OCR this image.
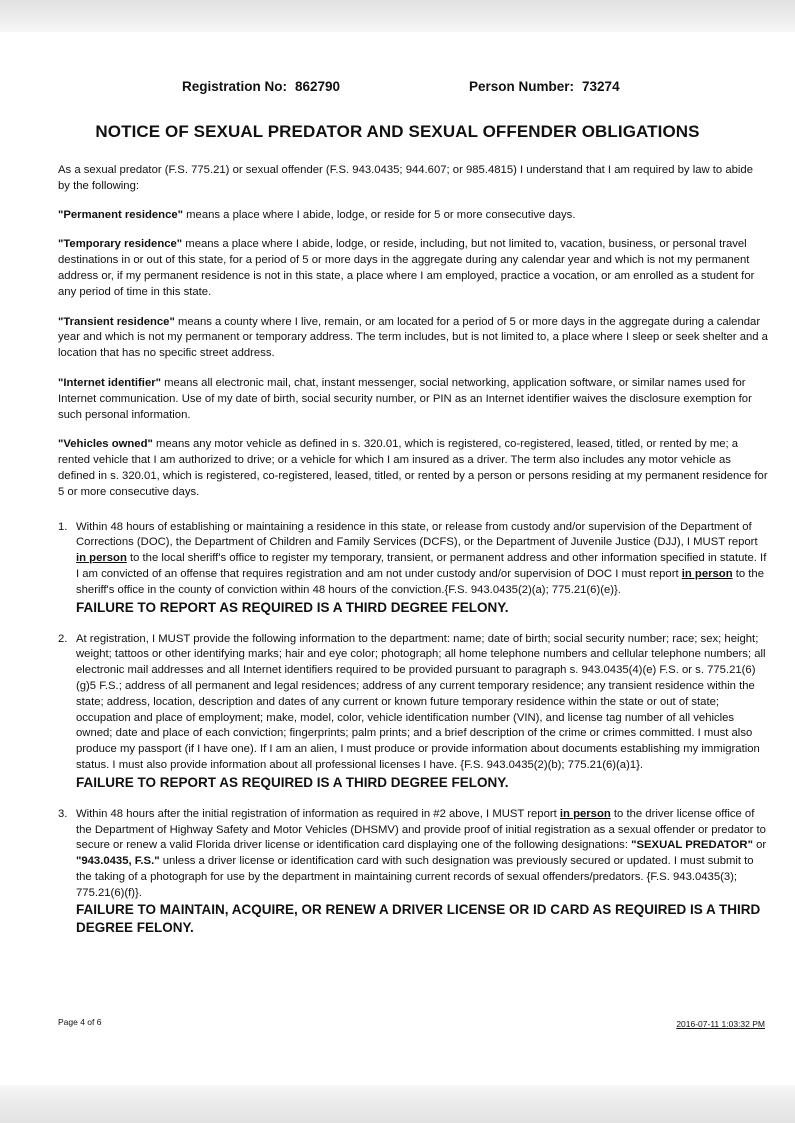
Registration No: 862790	Person Number: 73274
NOTICE OF SEXUAL PREDATOR AND SEXUAL OFFENDER OBLIGATIONS

As a sexual predator (F.S. 775.21) or sexual offender (F.S. 943.0435; 944.607; or 985.4815) I understand that I am required by law to abide by the following:

"Permanent residence" means a place where I abide, lodge, or reside for 5 or more consecutive days.

"Temporary residence" means a place where I abide, lodge, or reside, including, but not limited to, vacation, business, or personal travel destinations in or out of this state, for a period of 5 or more days in the aggregate during any calendar year and which is not my permanent address or, if my permanent residence is not in this state, a place where I am employed, practice a vocation, or am enrolled as a student for any period of time in this state.

"Transient residence" means a county where I live, remain, or am located for a period of 5 or more days in the aggregate during a calendar year and which is not my permanent or temporary address. The term includes, but is not limited to, a place where I sleep or seek shelter and a location that has no specific street address.

"Internet identifier" means all electronic mail, chat, instant messenger, social networking, application software, or similar names used for Internet communication. Use of my date of birth, social security number, or PIN as an Internet identifier waives the disclosure exemption for such personal information.

"Vehicles owned" means any motor vehicle as defined in s. 320.01, which is registered, co-registered, leased, titled, or rented by me; a rented vehicle that I am authorized to drive; or a vehicle for which I am insured as a driver. The term also includes any motor vehicle as defined in s. 320.01, which is registered, co-registered, leased, titled, or rented by a person or persons residing at my permanent residence for 5 or more consecutive days.

1. Within 48 hours of establishing or maintaining a residence in this state, or release from custody and/or supervision of the Department of Corrections (DOC), the Department of Children and Family Services (DCFS), or the Department of Juvenile Justice (DJJ), I MUST report in person to the local sheriff's office to register my temporary, transient, or permanent address and other information specified in statute. If I am convicted of an offense that requires registration and am not under custody and/or supervision of DOC I must report in person to the sheriff's office in the county of conviction within 48 hours of the conviction.{F.S. 943.0435(2)(a); 775.21(6)(e)}.

FAILURE TO REPORT AS REQUIRED IS A THIRD DEGREE FELONY.

2. At registration, I MUST provide the following information to the department: name; date of birth; social security number; race; sex; height; weight; tattoos or other identifying marks; hair and eye color; photograph; all home telephone numbers and cellular telephone numbers; all electronic mail addresses and all Internet identifiers required to be provided pursuant to paragraph s. 943.0435(4)(e) F.S. or s. 775.21(6)(g)5 F.S.; address of all permanent and legal residences; address of any current temporary residence; any transient residence within the state; address, location, description and dates of any current or known future temporary residence within the state or out of state; occupation and place of employment; make, model, color, vehicle identification number (VIN), and license tag number of all vehicles owned; date and place of each conviction; fingerprints; palm prints; and a brief description of the crime or crimes committed. I must also produce my passport (if I have one). If I am an alien, I must produce or provide information about documents establishing my immigration status. I must also provide information about all professional licenses I have. {F.S. 943.0435(2)(b); 775.21(6)(a)1}.

FAILURE TO REPORT AS REQUIRED IS A THIRD DEGREE FELONY.

3. Within 48 hours after the initial registration of information as required in #2 above, I MUST report in person to the driver license office of the Department of Highway Safety and Motor Vehicles (DHSMV) and provide proof of initial registration as a sexual offender or predator to secure or renew a valid Florida driver license or identification card displaying one of the following designations: "SEXUAL PREDATOR" or "943.0435, F.S." unless a driver license or identification card with such designation was previously secured or updated. I must submit to the taking of a photograph for use by the department in maintaining current records of sexual offenders/predators. {F.S. 943.0435(3); 775.21(6)(f)}.

FAILURE TO MAINTAIN, ACQUIRE, OR RENEW A DRIVER LICENSE OR ID CARD AS REQUIRED IS A THIRD DEGREE FELONY.

Page 4 of 6	2016-07-11 1:03:32 PM
